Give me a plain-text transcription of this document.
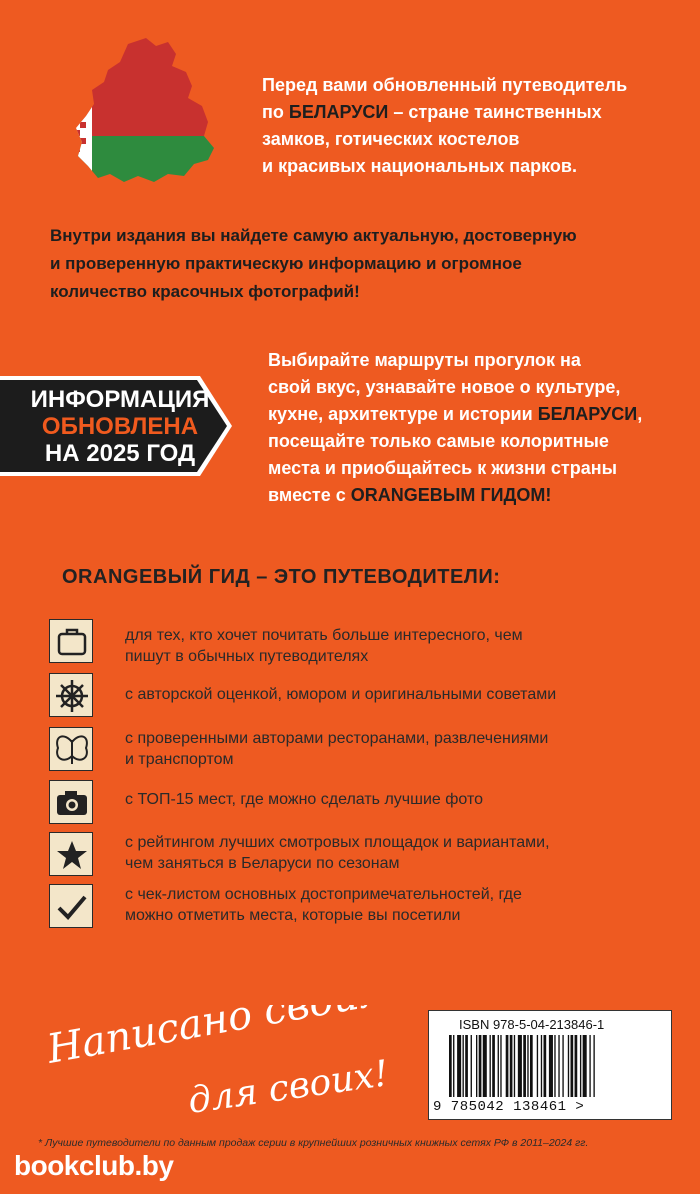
Перед вами обновленный путеводитель
по БЕЛАРУСИ – стране таинственных
замков, готических костелов
и красивых национальных парков.
Внутри издания вы найдете самую актуальную, достоверную
и проверенную практическую информацию и огромное
количество красочных фотографий!
ИНФОРМАЦИЯ
ОБНОВЛЕНА
НА 2025 ГОД
Выбирайте маршруты прогулок на
свой вкус, узнавайте новое о культуре,
кухне, архитектуре и истории БЕЛАРУСИ,
посещайте только самые колоритные
места и приобщайтесь к жизни страны
вместе с ORANGEВЫМ ГИДОМ!
ORANGEВЫЙ ГИД – ЭТО ПУТЕВОДИТЕЛИ:
для тех, кто хочет почитать больше интересного, чем
пишут в обычных путеводителях
с авторской оценкой, юмором и оригинальными советами
с проверенными авторами ресторанами, развлечениями
и транспортом
с ТОП-15 мест, где можно сделать лучшие фото
с рейтингом лучших смотровых площадок и вариантами,
чем заняться в Беларуси по сезонам
с чек-листом основных достопримечательностей, где
можно отметить места, которые вы посетили
Написано своими
для своих!
ISBN 978-5-04-213846-1
9 785042 138461 >
* Лучшие путеводители по данным продаж серии в крупнейших розничных книжных сетях РФ в 2011–2024 гг.
bookclub.by
